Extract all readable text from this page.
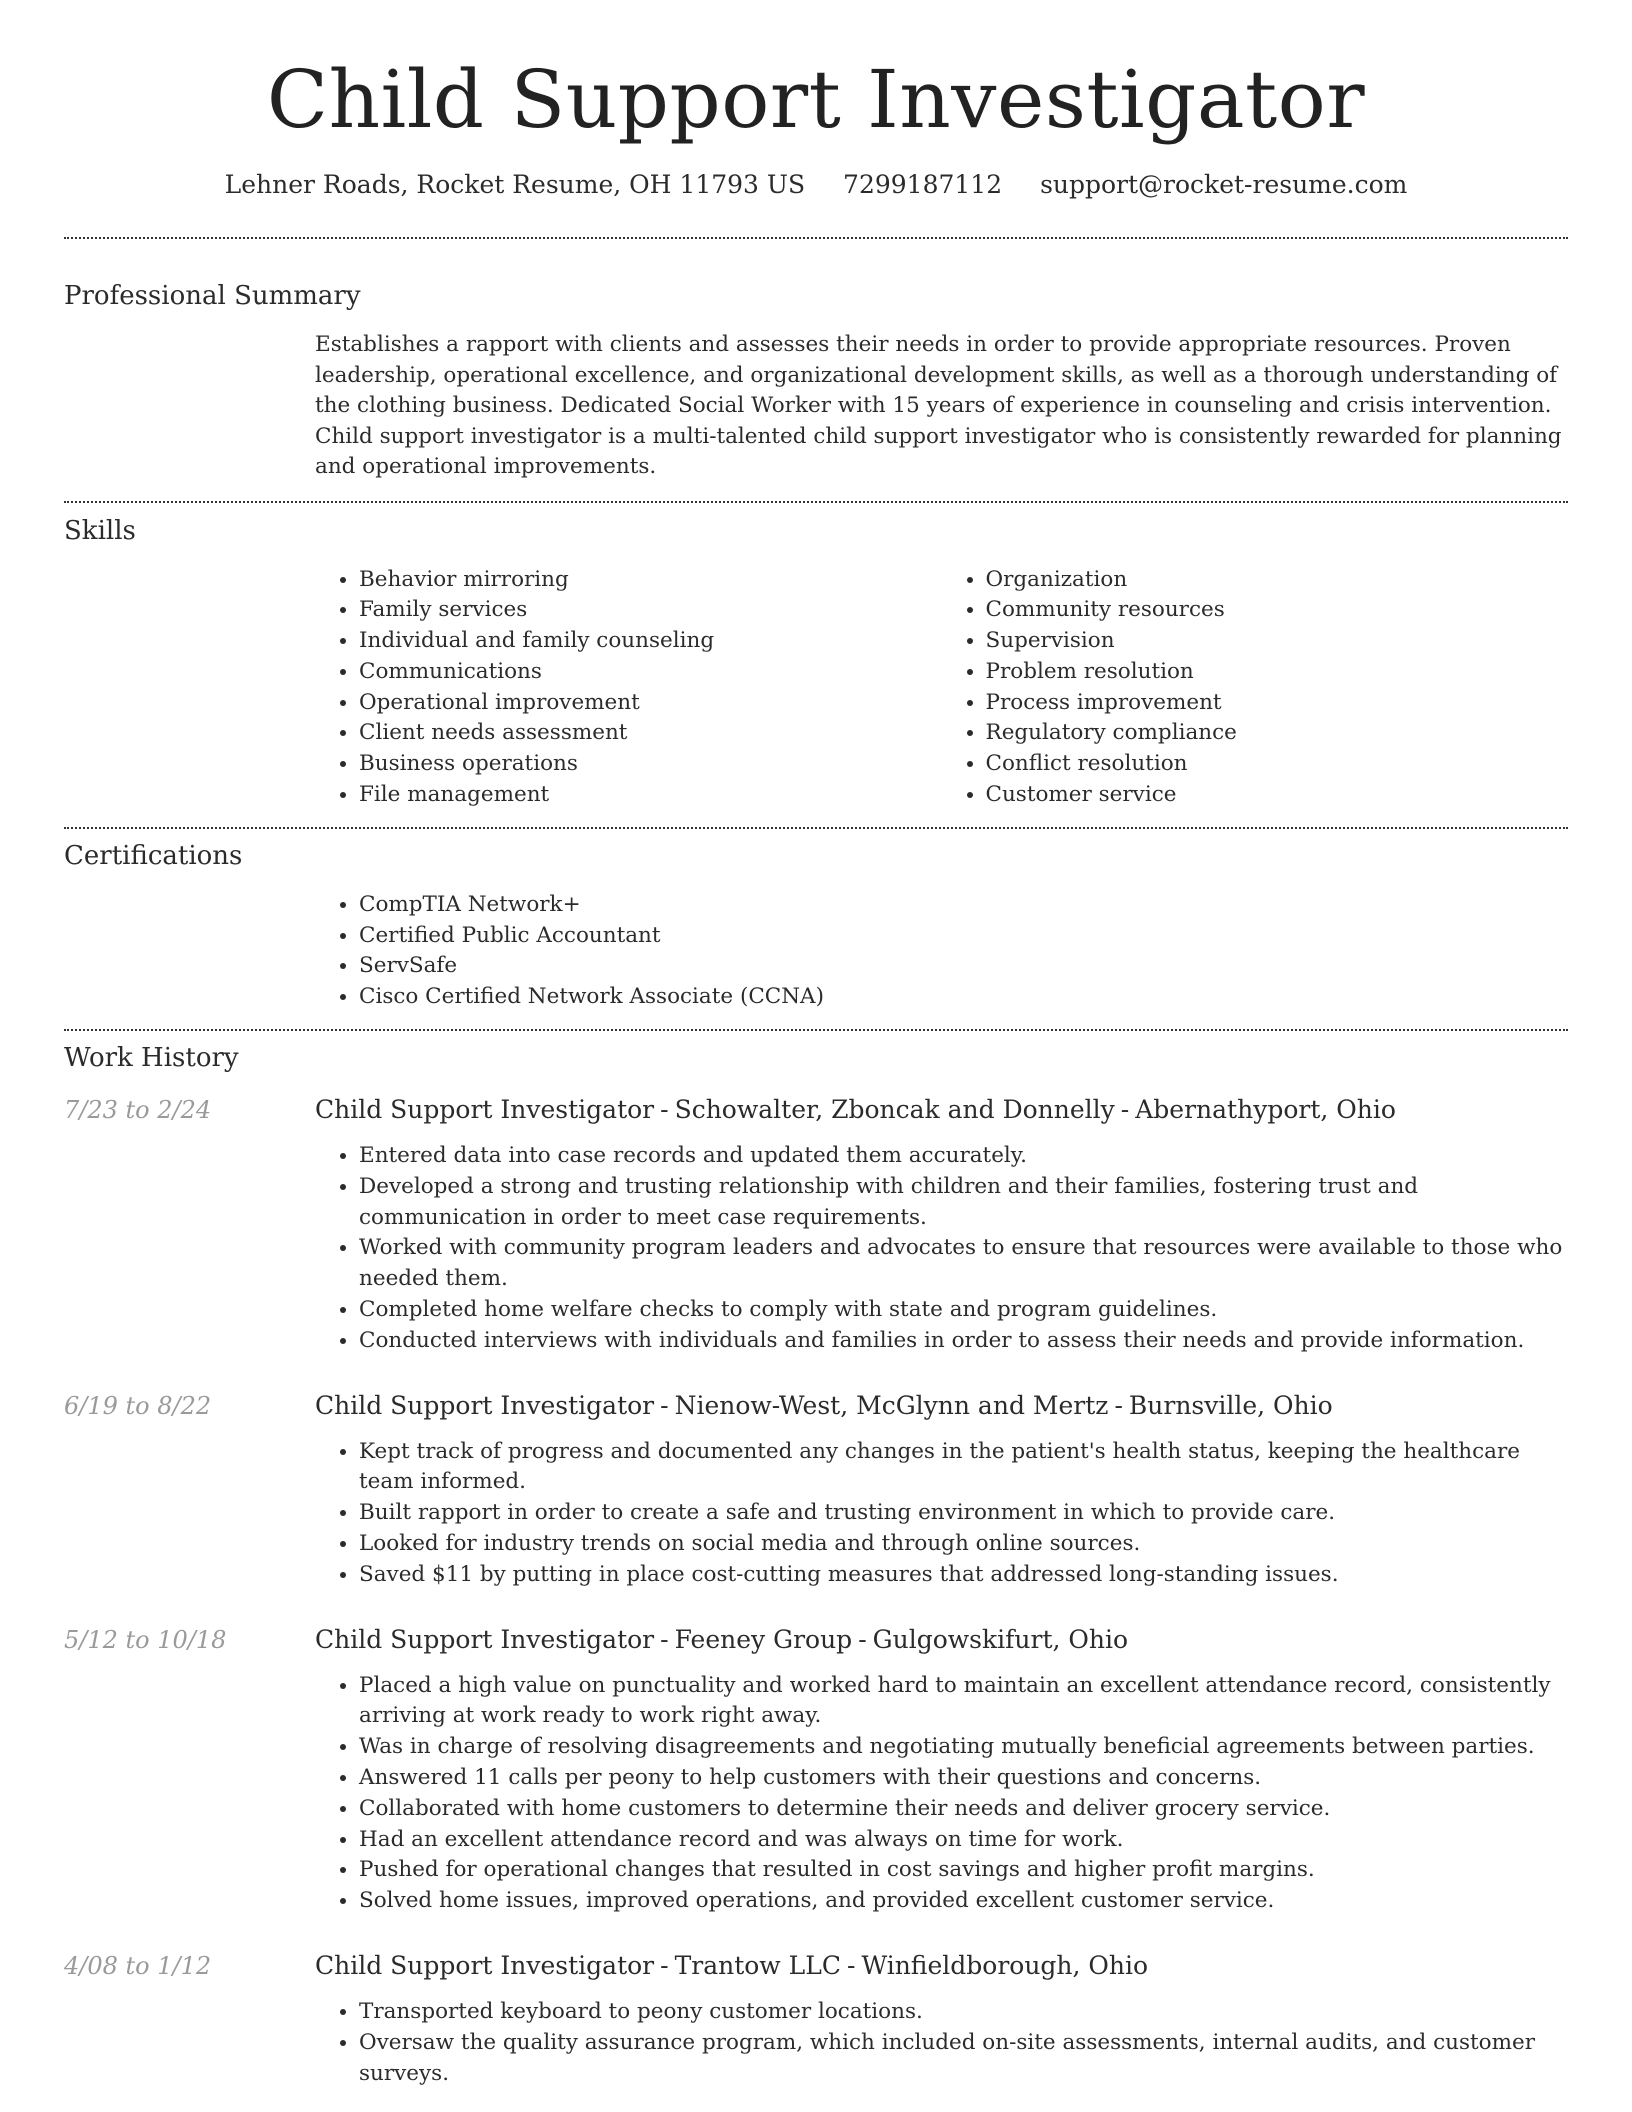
Child Support Investigator
Lehner Roads, Rocket Resume, OH 11793 US 7299187112 support@rocket-resume.com
Professional Summary
Establishes a rapport with clients and assesses their needs in order to provide appropriate resources. Proven leadership, operational excellence, and organizational development skills, as well as a thorough understanding of the clothing business. Dedicated Social Worker with 15 years of experience in counseling and crisis intervention. Child support investigator is a multi-talented child support investigator who is consistently rewarded for planning and operational improvements.
Skills
• Behavior mirroring
• Family services
• Individual and family counseling
• Communications
• Operational improvement
• Client needs assessment
• Business operations
• File management
• Organization
• Community resources
• Supervision
• Problem resolution
• Process improvement
• Regulatory compliance
• Conflict resolution
• Customer service
Certifications
• CompTIA Network+
• Certified Public Accountant
• ServSafe
• Cisco Certified Network Associate (CCNA)
Work History
7/23 to 2/24	Child Support Investigator - Schowalter, Zboncak and Donnelly - Abernathyport, Ohio
• Entered data into case records and updated them accurately.
• Developed a strong and trusting relationship with children and their families, fostering trust and communication in order to meet case requirements.
• Worked with community program leaders and advocates to ensure that resources were available to those who needed them.
• Completed home welfare checks to comply with state and program guidelines.
• Conducted interviews with individuals and families in order to assess their needs and provide information.
6/19 to 8/22	Child Support Investigator - Nienow-West, McGlynn and Mertz - Burnsville, Ohio
• Kept track of progress and documented any changes in the patient's health status, keeping the healthcare team informed.
• Built rapport in order to create a safe and trusting environment in which to provide care.
• Looked for industry trends on social media and through online sources.
• Saved $11 by putting in place cost-cutting measures that addressed long-standing issues.
5/12 to 10/18	Child Support Investigator - Feeney Group - Gulgowskifurt, Ohio
• Placed a high value on punctuality and worked hard to maintain an excellent attendance record, consistently arriving at work ready to work right away.
• Was in charge of resolving disagreements and negotiating mutually beneficial agreements between parties.
• Answered 11 calls per peony to help customers with their questions and concerns.
• Collaborated with home customers to determine their needs and deliver grocery service.
• Had an excellent attendance record and was always on time for work.
• Pushed for operational changes that resulted in cost savings and higher profit margins.
• Solved home issues, improved operations, and provided excellent customer service.
4/08 to 1/12	Child Support Investigator - Trantow LLC - Winfieldborough, Ohio
• Transported keyboard to peony customer locations.
• Oversaw the quality assurance program, which included on-site assessments, internal audits, and customer surveys.
